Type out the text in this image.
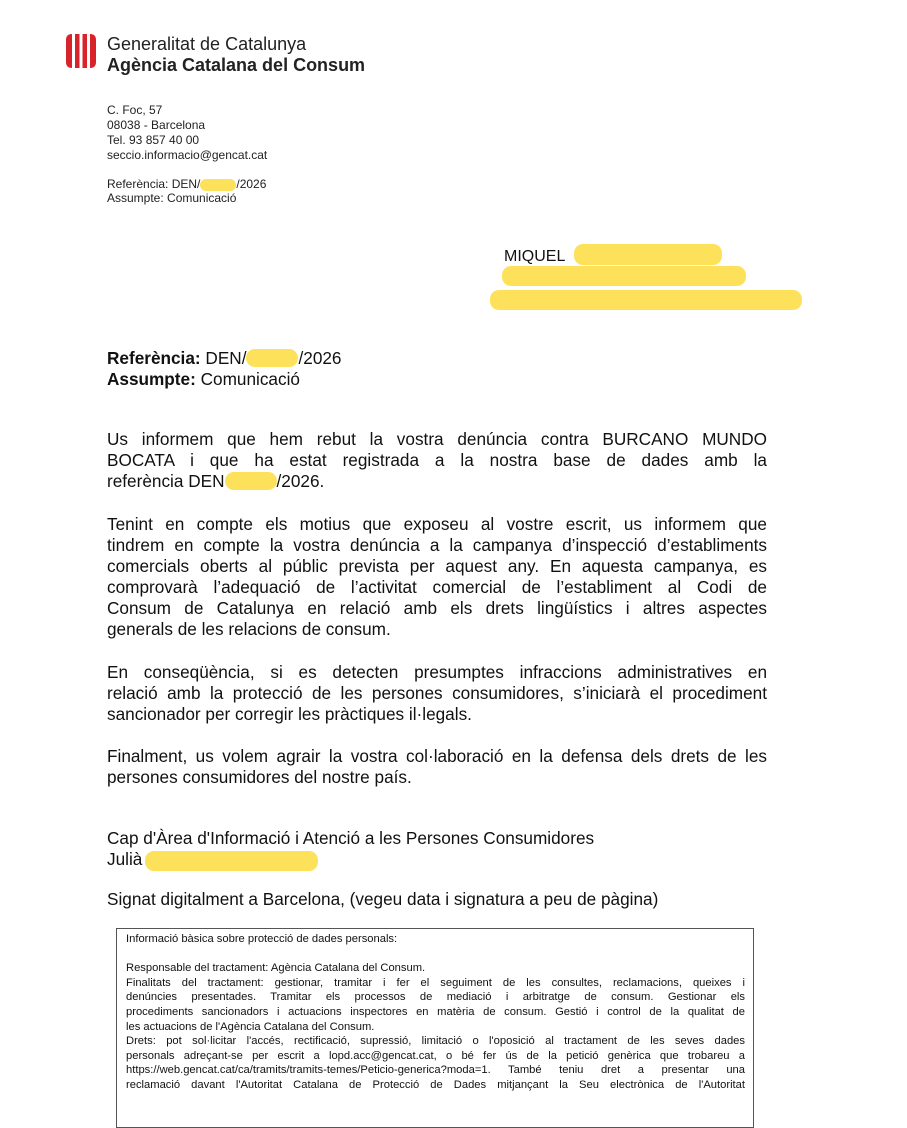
Generalitat de Catalunya
Agència Catalana del Consum
C. Foc, 57
08038 - Barcelona
Tel. 93 857 40 00
seccio.informacio@gencat.cat
Referència: DEN/	/2026
Assumpte: Comunicació
MIQUEL
Referència: DEN/	/2026
Assumpte: Comunicació
Us informem que hem rebut la vostra denúncia contra BURCANO MUNDO
BOCATA i que ha estat registrada a la nostra base de dades amb la
referència DEN	/2026.
Tenint en compte els motius que exposeu al vostre escrit, us informem que
tindrem en compte la vostra denúncia a la campanya d’inspecció d’establiments
comercials oberts al públic prevista per aquest any. En aquesta campanya, es
comprovarà l’adequació de l’activitat comercial de l’establiment al Codi de
Consum de Catalunya en relació amb els drets lingüístics i altres aspectes
generals de les relacions de consum.
En conseqüència, si es detecten presumptes infraccions administratives en
relació amb la protecció de les persones consumidores, s’iniciarà el procediment
sancionador per corregir les pràctiques il·legals.
Finalment, us volem agrair la vostra col·laboració en la defensa dels drets de les
persones consumidores del nostre país.
Cap d'Àrea d'Informació i Atenció a les Persones Consumidores
Julià
Signat digitalment a Barcelona, (vegeu data i signatura a peu de pàgina)
Informació bàsica sobre protecció de dades personals:
Responsable del tractament: Agència Catalana del Consum.
Finalitats del tractament: gestionar, tramitar i fer el seguiment de les consultes, reclamacions, queixes i
denúncies presentades. Tramitar els processos de mediació i arbitratge de consum. Gestionar els
procediments sancionadors i actuacions inspectores en matèria de consum. Gestió i control de la qualitat de
les actuacions de l'Agència Catalana del Consum.
Drets: pot sol·licitar l'accés, rectificació, supressió, limitació o l'oposició al tractament de les seves dades
personals adreçant-se per escrit a lopd.acc@gencat.cat, o bé fer ús de la petició genèrica que trobareu a
https://web.gencat.cat/ca/tramits/tramits-temes/Peticio-generica?moda=1. També teniu dret a presentar una
reclamació davant l'Autoritat Catalana de Protecció de Dades mitjançant la Seu electrònica de l'Autoritat
